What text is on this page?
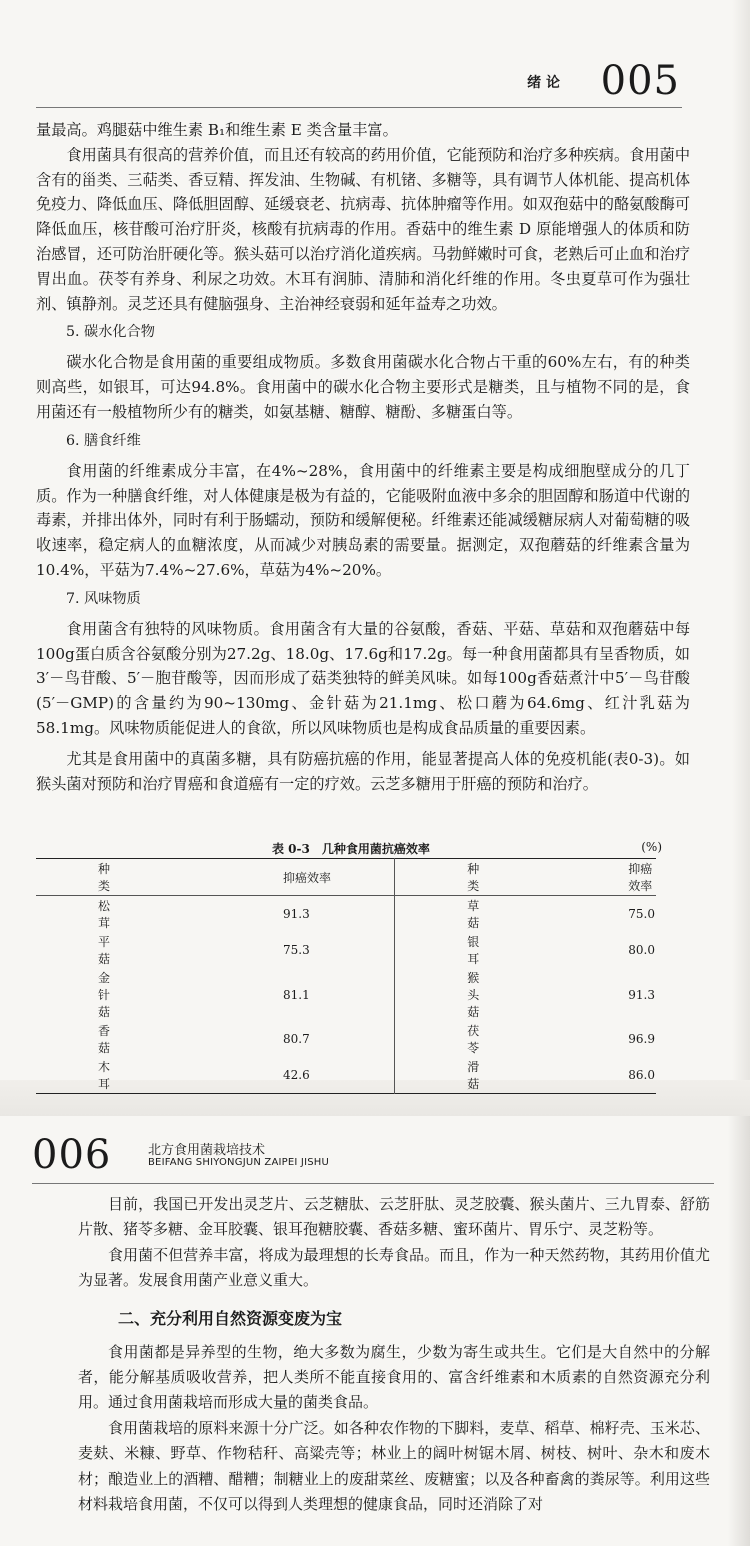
绪 论 005

量最高。鸡腿菇中维生素 B₁和维生素 E 类含量丰富。

食用菌具有很高的营养价值，而且还有较高的药用价值，它能预防和治疗多种疾病。食用菌中含有的甾类、三萜类、香豆精、挥发油、生物碱、有机锗、多糖等，具有调节人体机能、提高机体免疫力、降低血压、降低胆固醇、延缓衰老、抗病毒、抗体肿瘤等作用。如双孢菇中的酪氨酸酶可降低血压，核苷酸可治疗肝炎，核酸有抗病毒的作用。香菇中的维生素 D 原能增强人的体质和防治感冒，还可防治肝硬化等。猴头菇可以治疗消化道疾病。马勃鲜嫩时可食，老熟后可止血和治疗胃出血。茯苓有养身、利尿之功效。木耳有润肺、清肺和消化纤维的作用。冬虫夏草可作为强壮剂、镇静剂。灵芝还具有健脑强身、主治神经衰弱和延年益寿之功效。

5. 碳水化合物

碳水化合物是食用菌的重要组成物质。多数食用菌碳水化合物占干重的60%左右，有的种类则高些，如银耳，可达94.8%。食用菌中的碳水化合物主要形式是糖类，且与植物不同的是，食用菌还有一般植物所少有的糖类，如氨基糖、糖醇、糖酚、多糖蛋白等。

6. 膳食纤维

食用菌的纤维素成分丰富，在4%~28%，食用菌中的纤维素主要是构成细胞壁成分的几丁质。作为一种膳食纤维，对人体健康是极为有益的，它能吸附血液中多余的胆固醇和肠道中代谢的毒素，并排出体外，同时有利于肠蠕动，预防和缓解便秘。纤维素还能减缓糖尿病人对葡萄糖的吸收速率，稳定病人的血糖浓度，从而减少对胰岛素的需要量。据测定，双孢蘑菇的纤维素含量为10.4%，平菇为7.4%~27.6%，草菇为4%~20%。

7. 风味物质

食用菌含有独特的风味物质。食用菌含有大量的谷氨酸，香菇、平菇、草菇和双孢蘑菇中每100g蛋白质含谷氨酸分别为27.2g、18.0g、17.6g和17.2g。每一种食用菌都具有呈香物质，如3′－鸟苷酸、5′－胞苷酸等，因而形成了菇类独特的鲜美风味。如每100g香菇煮汁中5′－鸟苷酸(5′－GMP)的含量约为90~130mg、金针菇为21.1mg、松口蘑为64.6mg、红汁乳菇为58.1mg。风味物质能促进人的食欲，所以风味物质也是构成食品质量的重要因素。

尤其是食用菌中的真菌多糖，具有防癌抗癌的作用，能显著提高人体的免疫机能(表0-3)。如猴头菌对预防和治疗胃癌和食道癌有一定的疗效。云芝多糖用于肝癌的预防和治疗。

表 0-3　几种食用菌抗癌效率	(%)
种类	抑癌效率	种类	抑癌效率
松茸	91.3	草菇	75.0
平菇	75.3	银耳	80.0
金针菇	81.1	猴头菇	91.3
香菇	80.7	茯苓	96.9
木耳	42.6	滑菇	86.0
006	北方食用菌栽培技术
BEIFANG SHIYONGJUN ZAIPEI JISHU

目前，我国已开发出灵芝片、云芝糖肽、云芝肝肽、灵芝胶囊、猴头菌片、三九胃泰、舒筋片散、猪苓多糖、金耳胶囊、银耳孢糖胶囊、香菇多糖、蜜环菌片、胃乐宁、灵芝粉等。

食用菌不但营养丰富，将成为最理想的长寿食品。而且，作为一种天然药物，其药用价值尤为显著。发展食用菌产业意义重大。

二、充分利用自然资源变废为宝

食用菌都是异养型的生物，绝大多数为腐生，少数为寄生或共生。它们是大自然中的分解者，能分解基质吸收营养，把人类所不能直接食用的、富含纤维素和木质素的自然资源充分利用。通过食用菌栽培而形成大量的菌类食品。

食用菌栽培的原料来源十分广泛。如各种农作物的下脚料，麦草、稻草、棉籽壳、玉米芯、麦麸、米糠、野草、作物秸秆、高粱壳等；林业上的阔叶树锯木屑、树枝、树叶、杂木和废木材；酿造业上的酒糟、醋糟；制糖业上的废甜菜丝、废糖蜜；以及各种畜禽的粪尿等。利用这些材料栽培食用菌，不仅可以得到人类理想的健康食品，同时还消除了对
